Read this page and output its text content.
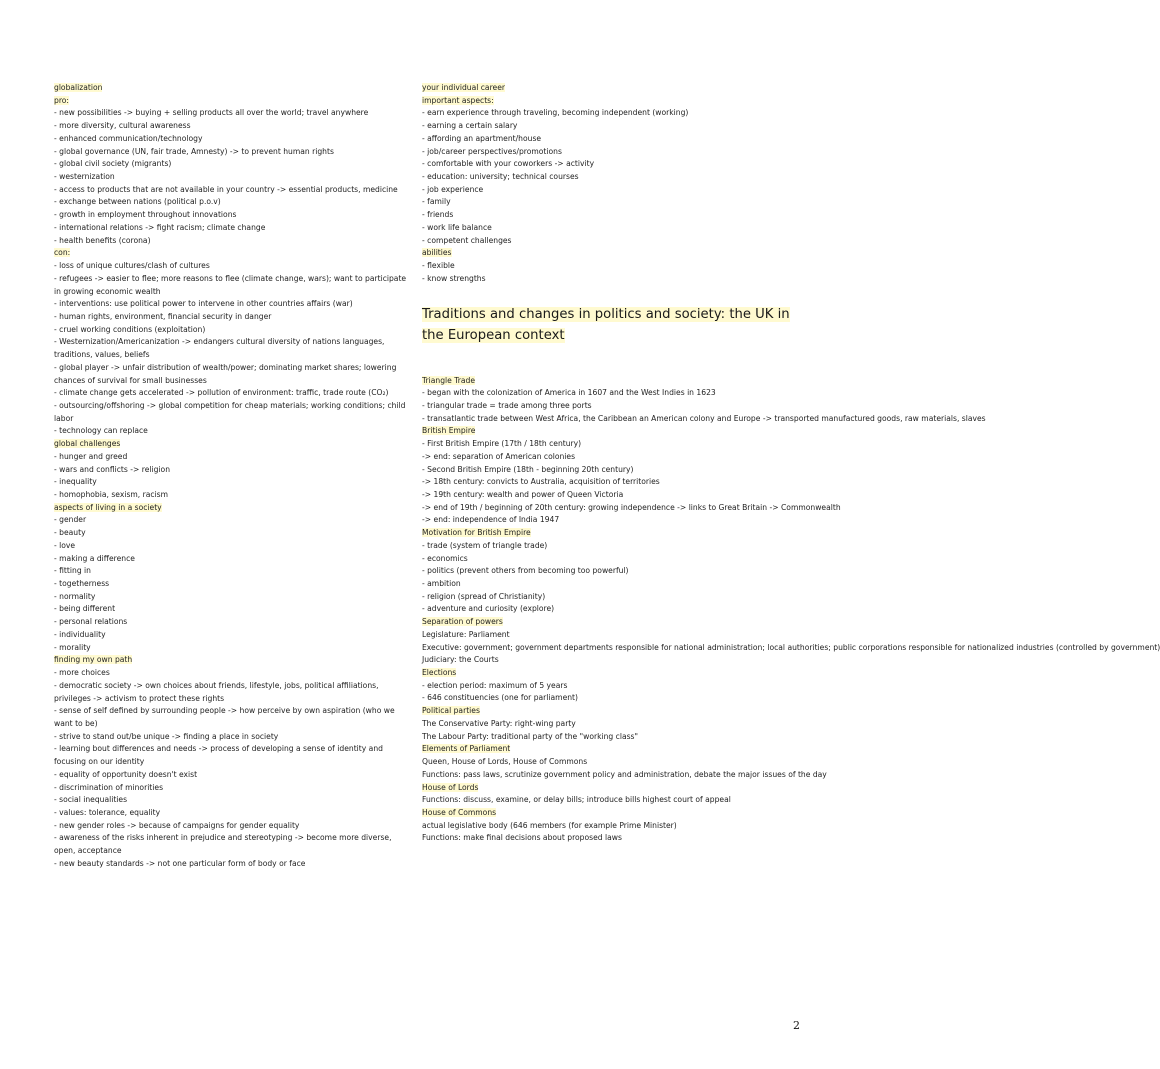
globalization
pro:
- new possibilities -> buying + selling products all over the world; travel anywhere
- more diversity, cultural awareness
- enhanced communication/technology
- global governance (UN, fair trade, Amnesty) -> to prevent human rights
- global civil society (migrants)
- westernization
- access to products that are not available in your country -> essential products, medicine
- exchange between nations (political p.o.v)
- growth in employment throughout innovations
- international relations -> fight racism; climate change
- health benefits (corona)
con:
- loss of unique cultures/clash of cultures
- refugees -> easier to flee; more reasons to flee (climate change, wars); want to participate in growing economic wealth
- interventions: use political power to intervene in other countries affairs (war)
- human rights, environment, financial security in danger
- cruel working conditions (exploitation)
- Westernization/Americanization -> endangers cultural diversity of nations languages, traditions, values, beliefs
- global player -> unfair distribution of wealth/power; dominating market shares; lowering chances of survival for small businesses
- climate change gets accelerated -> pollution of environment: traffic, trade route (CO₂)
- outsourcing/offshoring -> global competition for cheap materials; working conditions; child labor
- technology can replace
global challenges
- hunger and greed
- wars and conflicts -> religion
- inequality
- homophobia, sexism, racism
aspects of living in a society
- gender
- beauty
- love
- making a difference
- fitting in
- togetherness
- normality
- being different
- personal relations
- individuality
- morality
finding my own path
- more choices
- democratic society -> own choices about friends, lifestyle, jobs, political affiliations, privileges -> activism to protect these rights
- sense of self defined by surrounding people -> how perceive by own aspiration (who we want to be)
- strive to stand out/be unique -> finding a place in society
- learning bout differences and needs -> process of developing a sense of identity and focusing on our identity
- equality of opportunity doesn't exist
- discrimination of minorities
- social inequalities
- values: tolerance, equality
- new gender roles -> because of campaigns for gender equality
- awareness of the risks inherent in prejudice and stereotyping -> become more diverse, open, acceptance
- new beauty standards -> not one particular form of body or face
your individual career
important aspects:
- earn experience through traveling, becoming independent (working)
- earning a certain salary
- affording an apartment/house
- job/career perspectives/promotions
- comfortable with your coworkers -> activity
- education: university; technical courses
- job experience
- family
- friends
- work life balance
- competent challenges
abilities
- flexible
- know strengths
Traditions and changes in politics and society: the UK in the European context
Triangle Trade
- began with the colonization of America in 1607 and the West Indies in 1623
- triangular trade = trade among three ports
- transatlantic trade between West Africa, the Caribbean an American colony and Europe -> transported manufactured goods, raw materials, slaves
British Empire
- First British Empire (17th / 18th century)
-> end: separation of American colonies
- Second British Empire (18th - beginning 20th century)
-> 18th century: convicts to Australia, acquisition of territories
-> 19th century: wealth and power of Queen Victoria
-> end of 19th / beginning of 20th century: growing independence -> links to Great Britain -> Commonwealth
-> end: independence of India 1947
Motivation for British Empire
- trade (system of triangle trade)
- economics
- politics (prevent others from becoming too powerful)
- ambition
- religion (spread of Christianity)
- adventure and curiosity (explore)
Separation of powers
Legislature: Parliament
Executive: government; government departments responsible for national administration; local authorities; public corporations responsible for nationalized industries (controlled by government)
Judiciary: the Courts
Elections
- election period: maximum of 5 years
- 646 constituencies (one for parliament)
Political parties
The Conservative Party: right-wing party
The Labour Party: traditional party of the "working class"
Elements of Parliament
Queen, House of Lords, House of Commons
Functions: pass laws, scrutinize government policy and administration, debate the major issues of the day
House of Lords
Functions: discuss, examine, or delay bills; introduce bills highest court of appeal
House of Commons
actual legislative body (646 members (for example Prime Minister)
Functions: make final decisions about proposed laws
2
